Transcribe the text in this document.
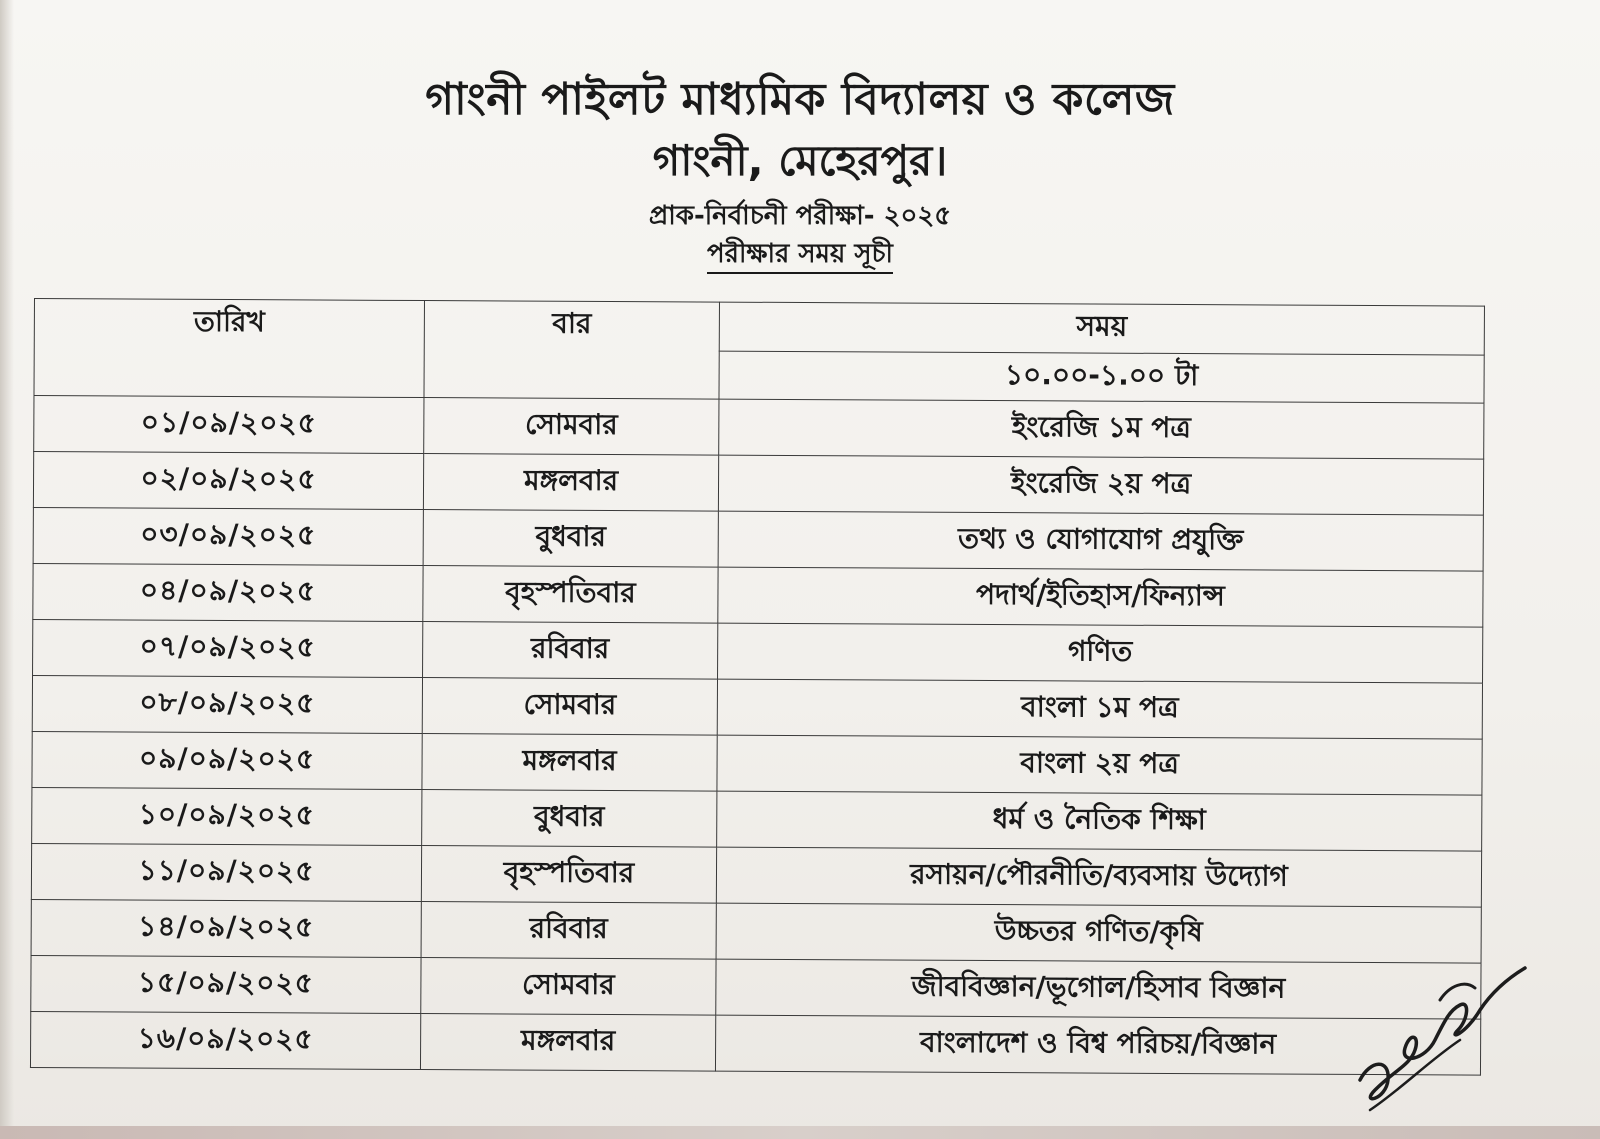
গাংনী পাইলট মাধ্যমিক বিদ্যালয় ও কলেজ
গাংনী, মেহেরপুর।
প্রাক-নির্বাচনী পরীক্ষা- ২০২৫
পরীক্ষার সময় সূচী
তারিখ	বার	সময়
		১০.০০-১.০০ টা
০১/০৯/২০২৫	সোমবার	ইংরেজি ১ম পত্র
০২/০৯/২০২৫	মঙ্গলবার	ইংরেজি ২য় পত্র
০৩/০৯/২০২৫	বুধবার	তথ্য ও যোগাযোগ প্রযুক্তি
০৪/০৯/২০২৫	বৃহস্পতিবার	পদার্থ/ইতিহাস/ফিন্যান্স
০৭/০৯/২০২৫	রবিবার	গণিত
০৮/০৯/২০২৫	সোমবার	বাংলা ১ম পত্র
০৯/০৯/২০২৫	মঙ্গলবার	বাংলা ২য় পত্র
১০/০৯/২০২৫	বুধবার	ধর্ম ও নৈতিক শিক্ষা
১১/০৯/২০২৫	বৃহস্পতিবার	রসায়ন/পৌরনীতি/ব্যবসায় উদ্যোগ
১৪/০৯/২০২৫	রবিবার	উচ্চতর গণিত/কৃষি
১৫/০৯/২০২৫	সোমবার	জীববিজ্ঞান/ভূগোল/হিসাব বিজ্ঞান
১৬/০৯/২০২৫	মঙ্গলবার	বাংলাদেশ ও বিশ্ব পরিচয়/বিজ্ঞান
